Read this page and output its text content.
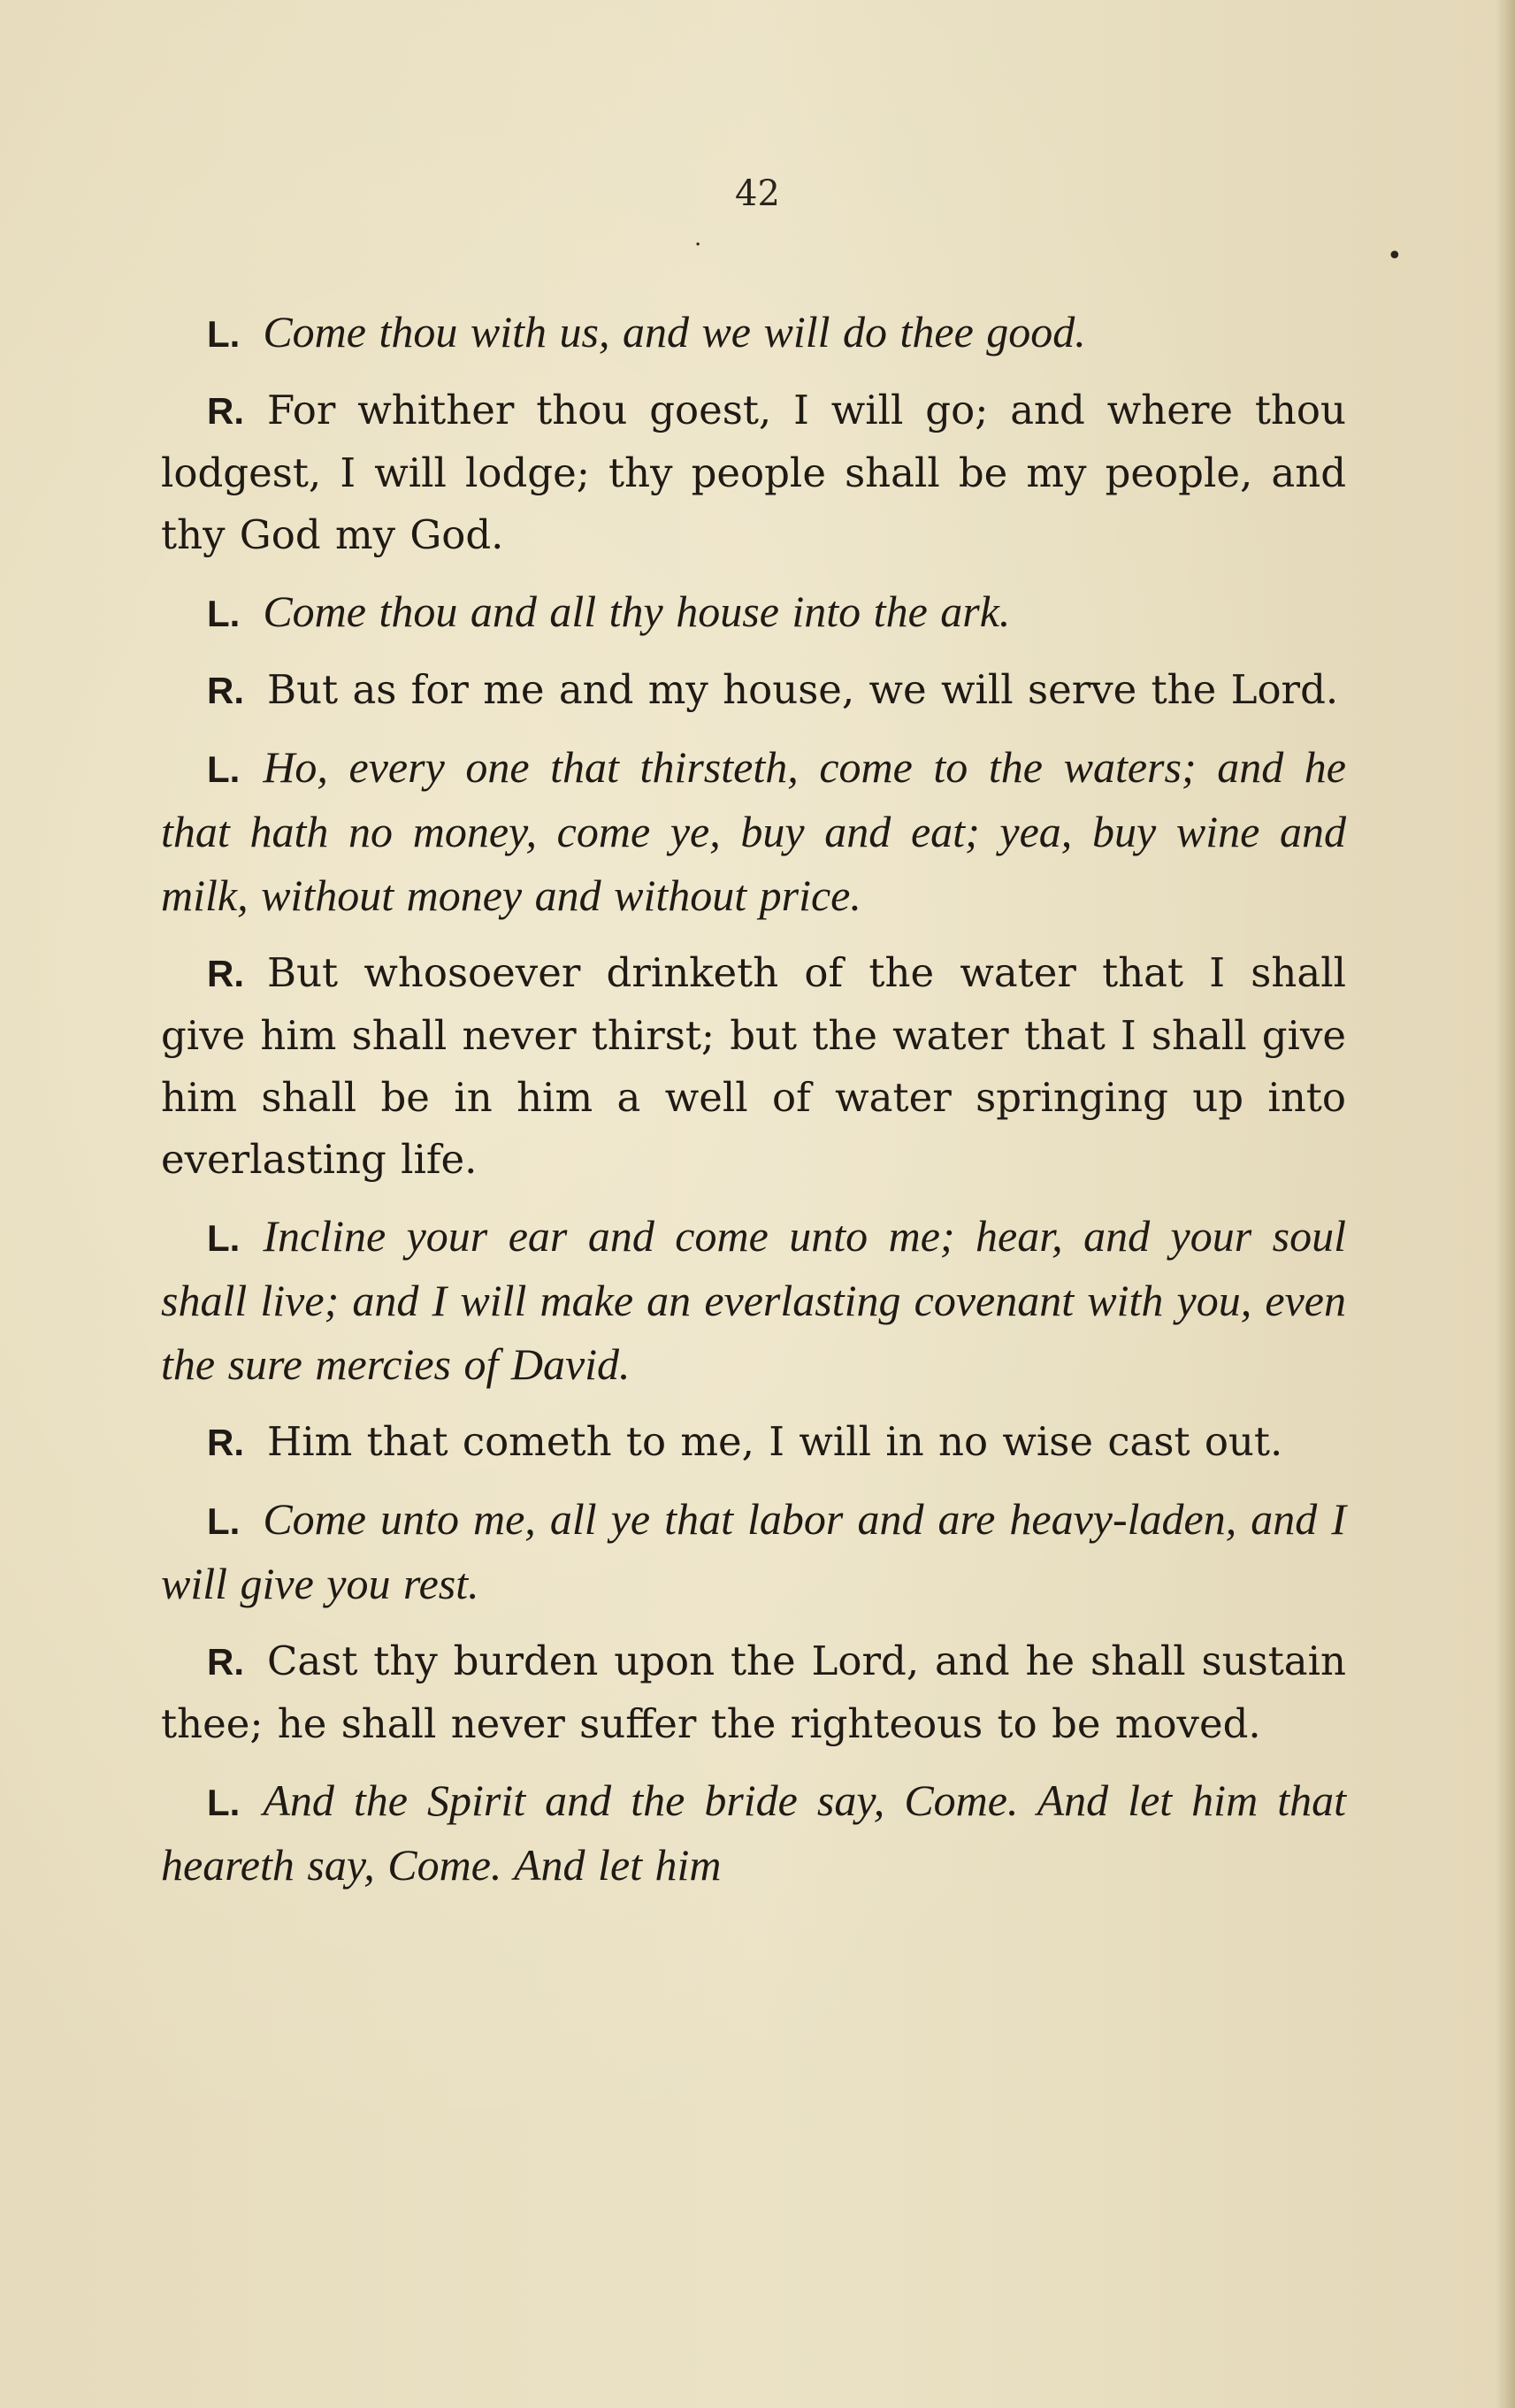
42
·	•

L. Come thou with us, and we will do thee good.

R. For whither thou goest, I will go; and where thou lodgest, I will lodge; thy people shall be my people, and thy God my God.

L. Come thou and all thy house into the ark.

R. But as for me and my house, we will serve the Lord.

L. Ho, every one that thirsteth, come to the waters; and he that hath no money, come ye, buy and eat; yea, buy wine and milk, without money and without price.

R. But whosoever drinketh of the water that I shall give him shall never thirst; but the water that I shall give him shall be in him a well of water springing up into everlasting life.

L. Incline your ear and come unto me; hear, and your soul shall live; and I will make an everlasting covenant with you, even the sure mercies of David.

R. Him that cometh to me, I will in no wise cast out.

L. Come unto me, all ye that labor and are heavy-laden, and I will give you rest.

R. Cast thy burden upon the Lord, and he shall sustain thee; he shall never suffer the righteous to be moved.

L. And the Spirit and the bride say, Come. And let him that heareth say, Come. And let him
